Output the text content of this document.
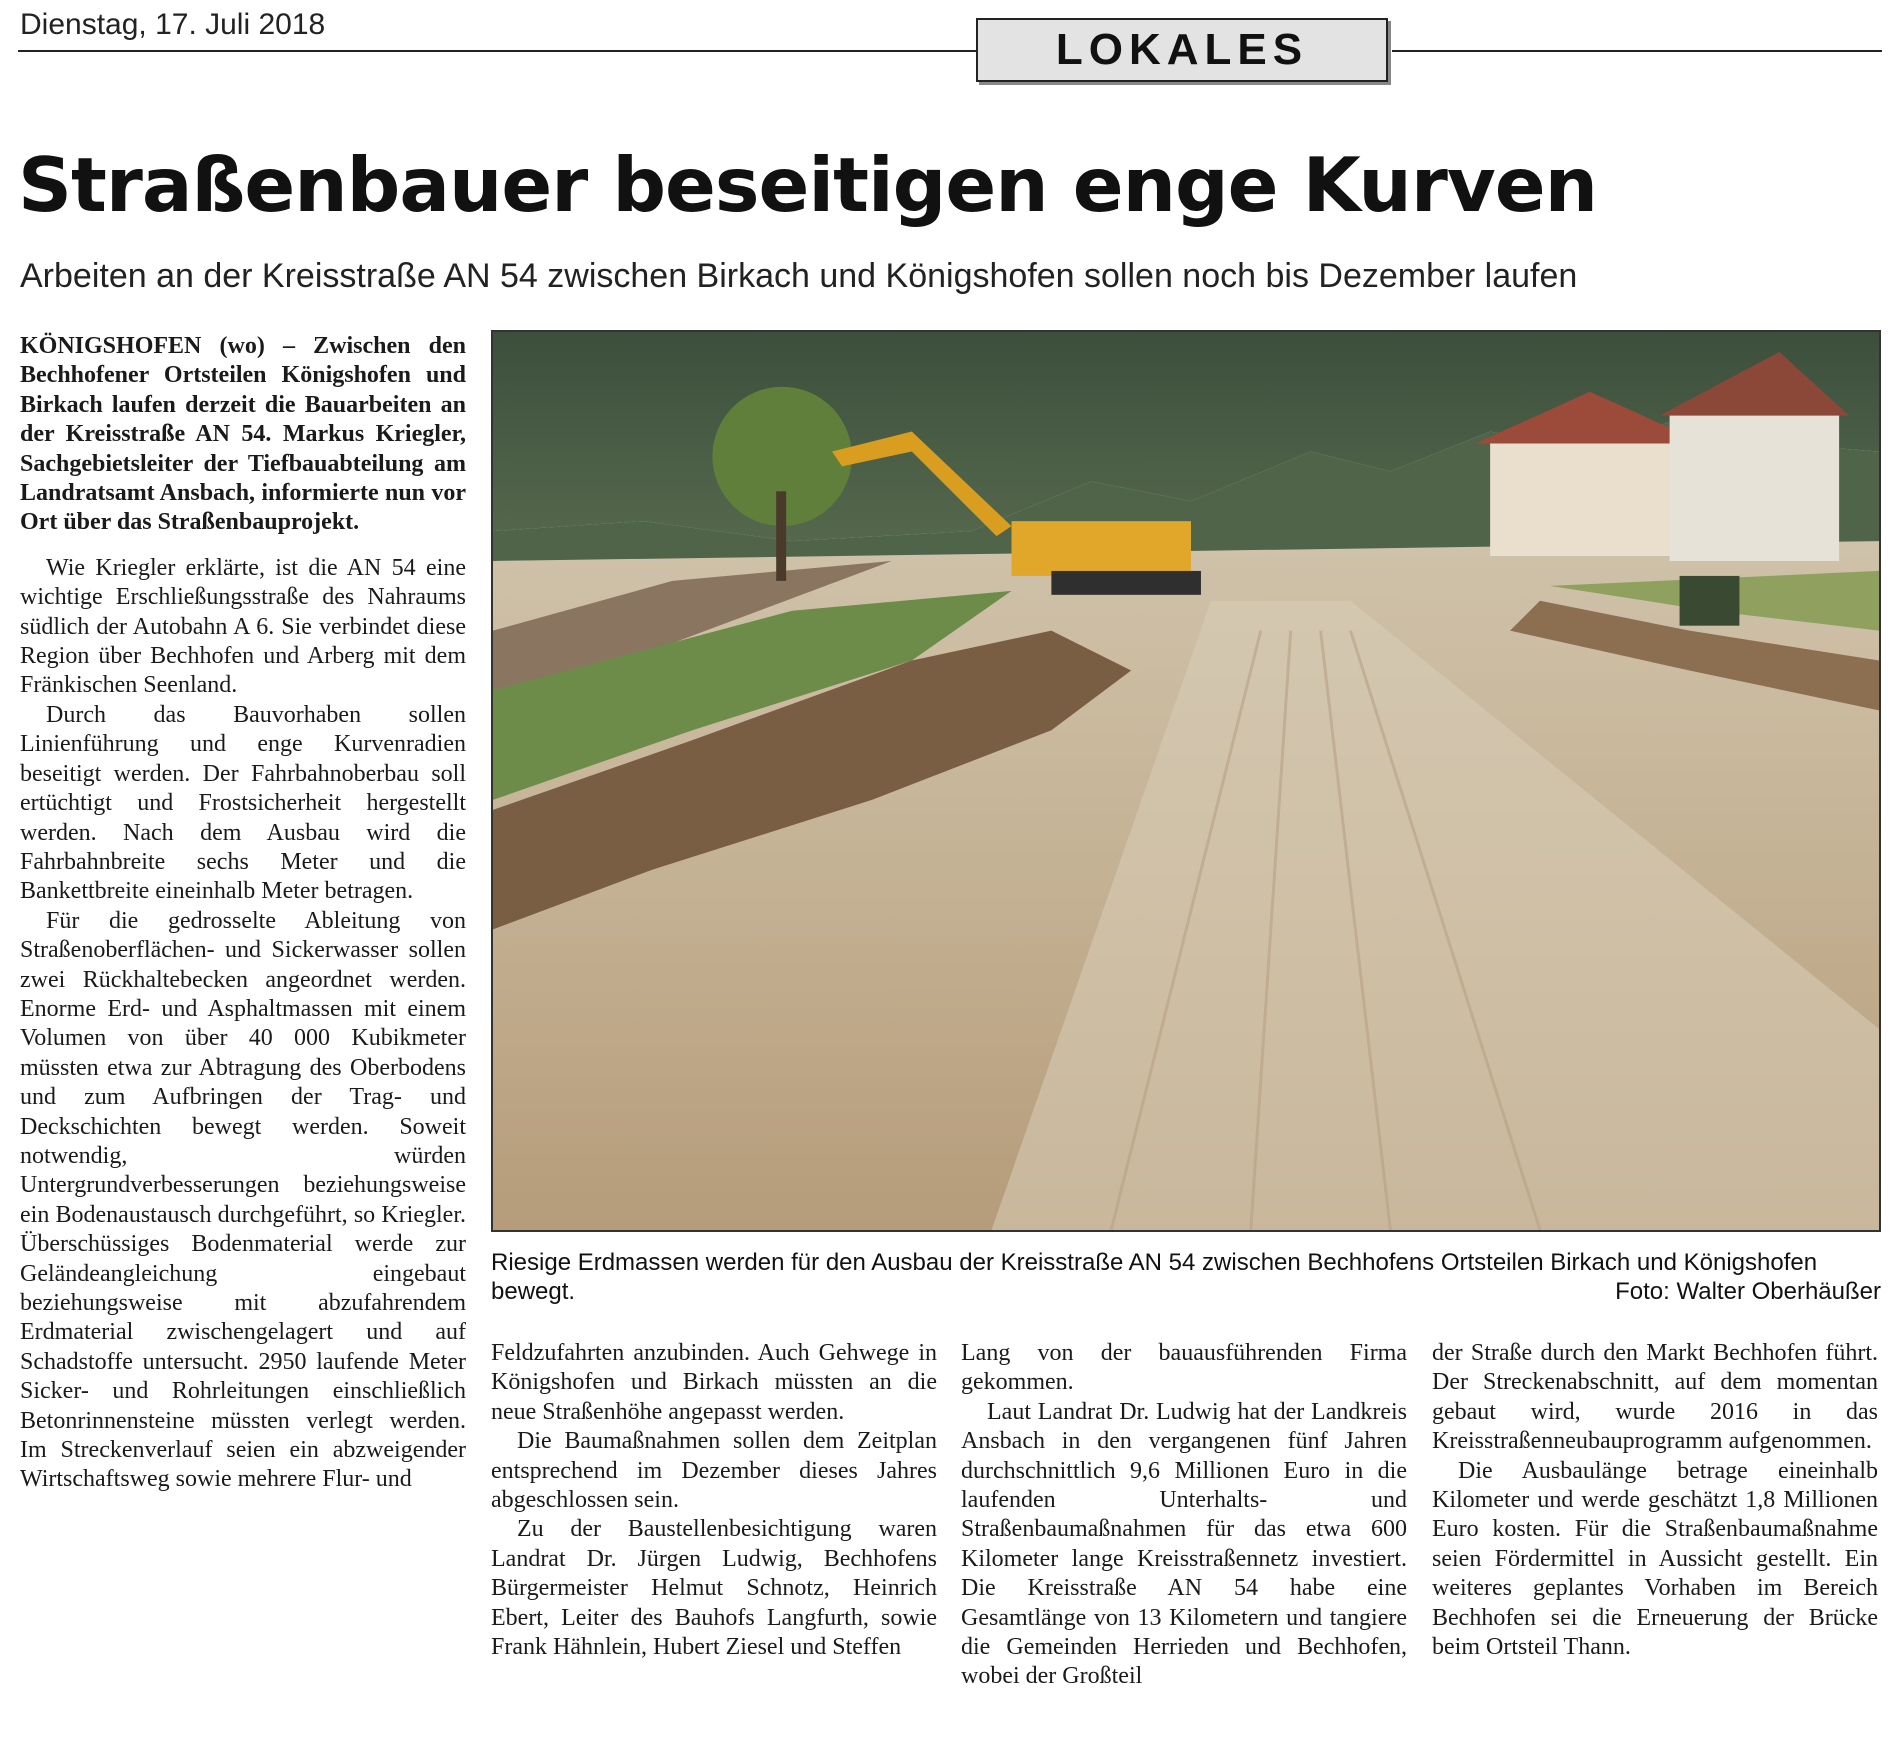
Dienstag, 17. Juli 2018
LOKALES
Straßenbauer beseitigen enge Kurven
Arbeiten an der Kreisstraße AN 54 zwischen Birkach und Königshofen sollen noch bis Dezember laufen

KÖNIGSHOFEN (wo) – Zwischen den Bechhofener Ortsteilen Königshofen und Birkach laufen derzeit die Bauarbeiten an der Kreisstraße AN 54. Markus Kriegler, Sachgebietsleiter der Tiefbauabteilung am Landratsamt Ansbach, informierte nun vor Ort über das Straßenbauprojekt.

Wie Kriegler erklärte, ist die AN 54 eine wichtige Erschließungsstraße des Nahraums südlich der Autobahn A 6. Sie verbindet diese Region über Bechhofen und Arberg mit dem Fränkischen Seenland.

Durch das Bauvorhaben sollen Linienführung und enge Kurvenradien beseitigt werden. Der Fahrbahnoberbau soll ertüchtigt und Frostsicherheit hergestellt werden. Nach dem Ausbau wird die Fahrbahnbreite sechs Meter und die Bankettbreite eineinhalb Meter betragen.

Für die gedrosselte Ableitung von Straßenoberflächen- und Sickerwasser sollen zwei Rückhaltebecken angeordnet werden. Enorme Erd- und Asphaltmassen mit einem Volumen von über 40 000 Kubikmeter müssten etwa zur Abtragung des Oberbodens und zum Aufbringen der Trag- und Deckschichten bewegt werden. Soweit notwendig, würden Untergrundverbesserungen beziehungsweise ein Bodenaustausch durchgeführt, so Kriegler. Überschüssiges Bodenmaterial werde zur Geländeangleichung eingebaut beziehungsweise mit abzufahrendem Erdmaterial zwischengelagert und auf Schadstoffe untersucht. 2950 laufende Meter Sicker- und Rohrleitungen einschließlich Betonrinnensteine müssten verlegt werden. Im Streckenverlauf seien ein abzweigender Wirtschaftsweg sowie mehrere Flur- und

Riesige Erdmassen werden für den Ausbau der Kreisstraße AN 54 zwischen Bechhofens Ortsteilen Birkach und Königshofen bewegt.	Foto: Walter Oberhäußer

Feldzufahrten anzubinden. Auch Gehwege in Königshofen und Birkach müssten an die neue Straßenhöhe angepasst werden.

Die Baumaßnahmen sollen dem Zeitplan entsprechend im Dezember dieses Jahres abgeschlossen sein.

Zu der Baustellenbesichtigung waren Landrat Dr. Jürgen Ludwig, Bechhofens Bürgermeister Helmut Schnotz, Heinrich Ebert, Leiter des Bauhofs Langfurth, sowie Frank Hähnlein, Hubert Ziesel und Steffen

Lang von der bauausführenden Firma gekommen.

Laut Landrat Dr. Ludwig hat der Landkreis Ansbach in den vergangenen fünf Jahren durchschnittlich 9,6 Millionen Euro in die laufenden Unterhalts- und Straßenbaumaßnahmen für das etwa 600 Kilometer lange Kreisstraßennetz investiert. Die Kreisstraße AN 54 habe eine Gesamtlänge von 13 Kilometern und tangiere die Gemeinden Herrieden und Bechhofen, wobei der Großteil

der Straße durch den Markt Bechhofen führt. Der Streckenabschnitt, auf dem momentan gebaut wird, wurde 2016 in das Kreisstraßenneubauprogramm aufgenommen.

Die Ausbaulänge betrage eineinhalb Kilometer und werde geschätzt 1,8 Millionen Euro kosten. Für die Straßenbaumaßnahme seien Fördermittel in Aussicht gestellt. Ein weiteres geplantes Vorhaben im Bereich Bechhofen sei die Erneuerung der Brücke beim Ortsteil Thann.
